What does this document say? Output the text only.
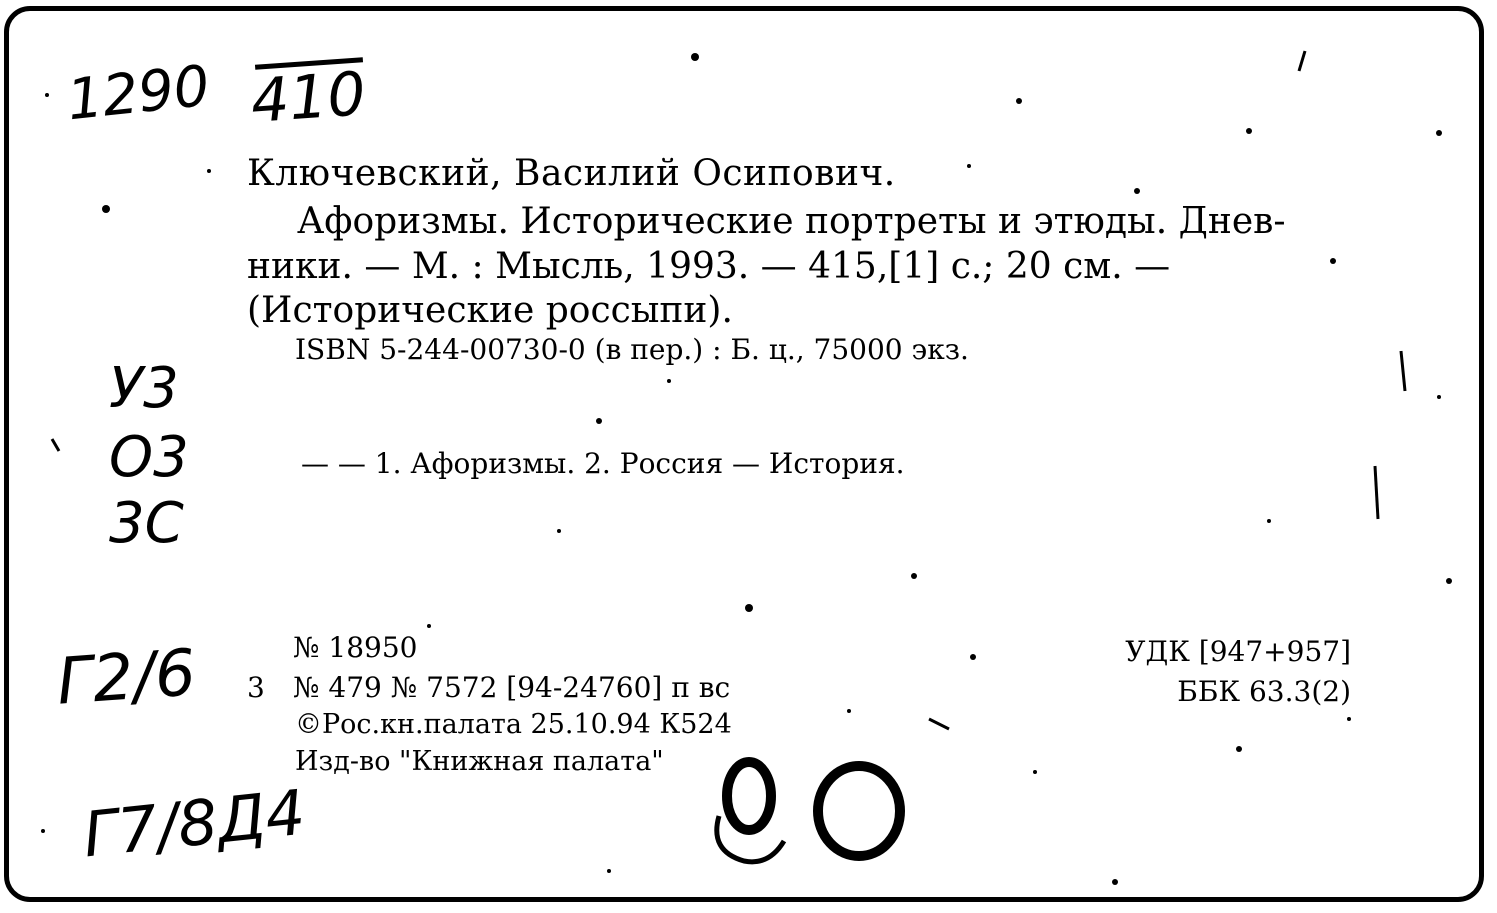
1290 410
У3
О3
3С
Г2/6
Г7/8Д4
Ключевский, Василий Осипович.
Афоризмы. Исторические портреты и этюды. Днев-
ники. — М. : Мысль, 1993. — 415,[1] с.; 20 см. —
(Исторические россыпи).
ISBN 5-244-00730-0 (в пер.) : Б. ц., 75000 экз.
— — 1. Афоризмы. 2. Россия — История.
№ 18950
3 № 479 № 7572 [94-24760] п вс
©Рос.кн.палата 25.10.94 К524
Изд-во "Книжная палата"
УДК [947+957]
ББК 63.3(2)
